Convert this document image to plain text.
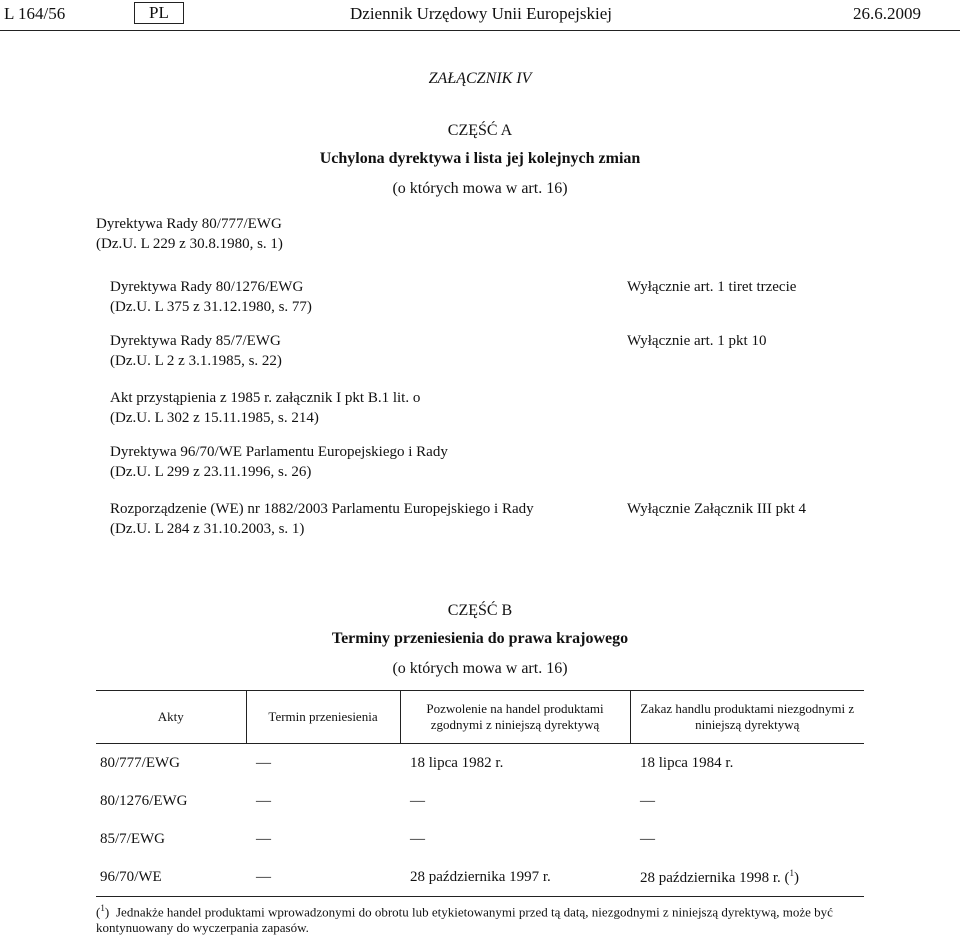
L 164/56	PL	Dziennik Urzędowy Unii Europejskiej	26.6.2009
ZAŁĄCZNIK IV
CZĘŚĆ A
Uchylona dyrektywa i lista jej kolejnych zmian
(o których mowa w art. 16)
Dyrektywa Rady 80/777/EWG
(Dz.U. L 229 z 30.8.1980, s. 1)
Dyrektywa Rady 80/1276/EWG
(Dz.U. L 375 z 31.12.1980, s. 77)
Wyłącznie art. 1 tiret trzecie
Dyrektywa Rady 85/7/EWG
(Dz.U. L 2 z 3.1.1985, s. 22)
Wyłącznie art. 1 pkt 10
Akt przystąpienia z 1985 r. załącznik I pkt B.1 lit. o
(Dz.U. L 302 z 15.11.1985, s. 214)
Dyrektywa 96/70/WE Parlamentu Europejskiego i Rady
(Dz.U. L 299 z 23.11.1996, s. 26)
Rozporządzenie (WE) nr 1882/2003 Parlamentu Europejskiego i Rady
(Dz.U. L 284 z 31.10.2003, s. 1)
Wyłącznie Załącznik III pkt 4
CZĘŚĆ B
Terminy przeniesienia do prawa krajowego
(o których mowa w art. 16)
Akty	Termin przeniesienia	Pozwolenie na handel produktami zgodnymi z niniejszą dyrektywą	Zakaz handlu produktami niezgodnymi z niniejszą dyrektywą
80/777/EWG	—	18 lipca 1982 r.	18 lipca 1984 r.
80/1276/EWG	—	—	—
85/7/EWG	—	—	—
96/70/WE	—	28 października 1997 r.	28 października 1998 r. ($^1$)
($^1$) Jednakże handel produktami wprowadzonymi do obrotu lub etykietowanymi przed tą datą, niezgodnymi z niniejszą dyrektywą, może być kontynuowany do wyczerpania zapasów.
